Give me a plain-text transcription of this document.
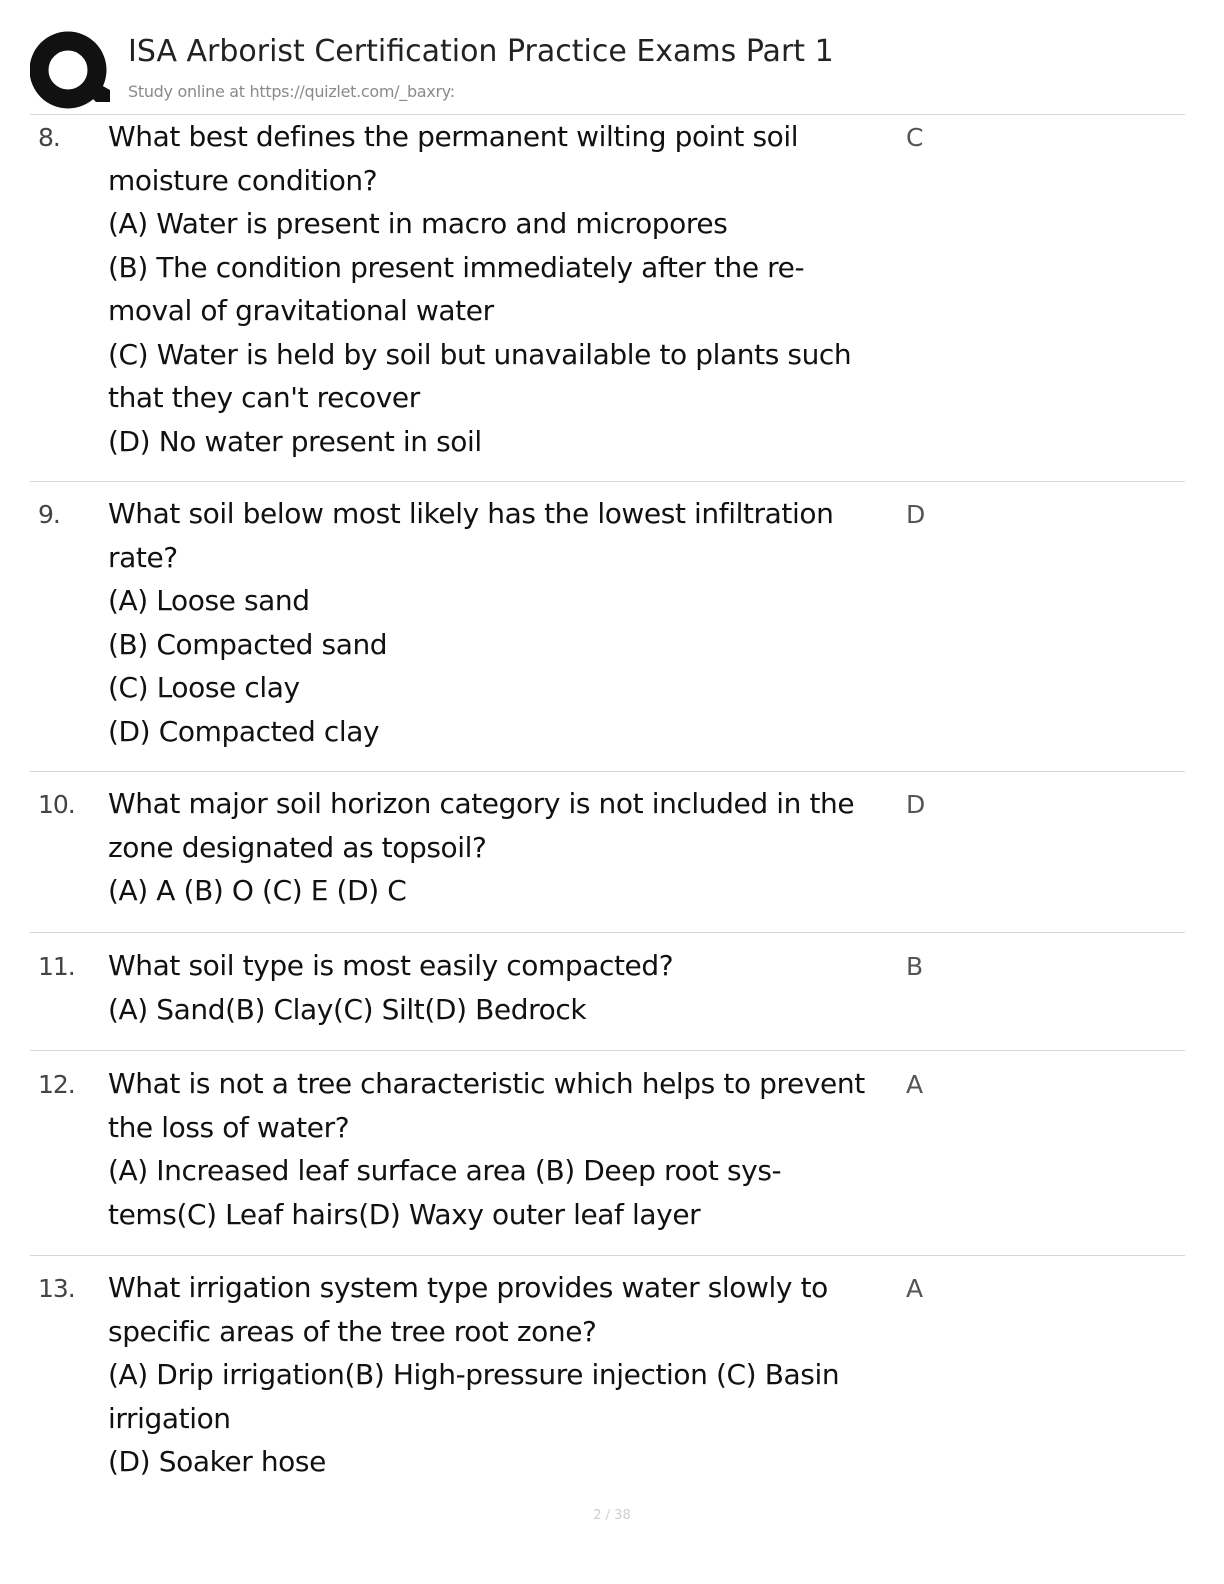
ISA Arborist Certification Practice Exams Part 1
Study online at https://quizlet.com/_baxry:
8. What best defines the permanent wilting point soil
moisture condition?
(A) Water is present in macro and micropores
(B) The condition present immediately after the re-
moval of gravitational water
(C) Water is held by soil but unavailable to plants such
that they can't recover
(D) No water present in soil
C
9. What soil below most likely has the lowest infiltration
rate?
(A) Loose sand
(B) Compacted sand
(C) Loose clay
(D) Compacted clay
D
10. What major soil horizon category is not included in the
zone designated as topsoil?
(A) A (B) O (C) E (D) C
D
11. What soil type is most easily compacted?
(A) Sand(B) Clay(C) Silt(D) Bedrock
B
12. What is not a tree characteristic which helps to prevent
the loss of water?
(A) Increased leaf surface area (B) Deep root sys-
tems(C) Leaf hairs(D) Waxy outer leaf layer
A
13. What irrigation system type provides water slowly to
specific areas of the tree root zone?
(A) Drip irrigation(B) High-pressure injection (C) Basin
irrigation
(D) Soaker hose
A
2 / 38
